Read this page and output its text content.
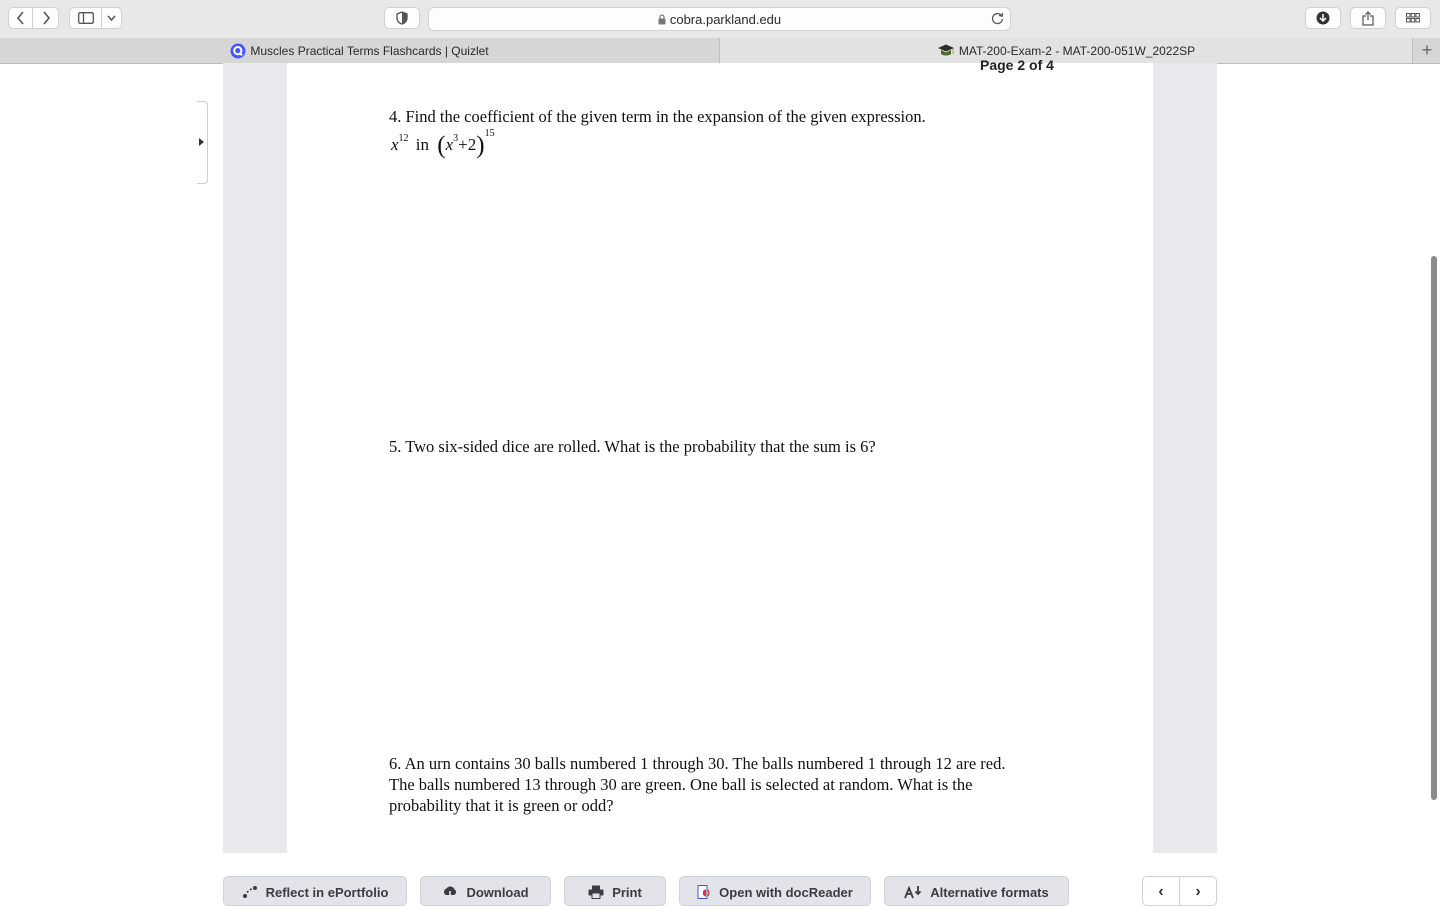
cobra.parkland.edu
Muscles Practical Terms Flashcards | Quizlet	MAT-200-Exam-2 - MAT-200-051W_2022SP	+
Page 2 of 4
4. Find the coefficient of the given term in the expansion of the given expression.
$x^{12}$ in $(x^3+2)^{15}$
5. Two six-sided dice are rolled. What is the probability that the sum is 6?
6. An urn contains 30 balls numbered 1 through 30. The balls numbered 1 through 12 are red.
The balls numbered 13 through 30 are green. One ball is selected at random. What is the
probability that it is green or odd?
Reflect in ePortfolio	Download	Print	Open with docReader	Alternative formats	‹	›
